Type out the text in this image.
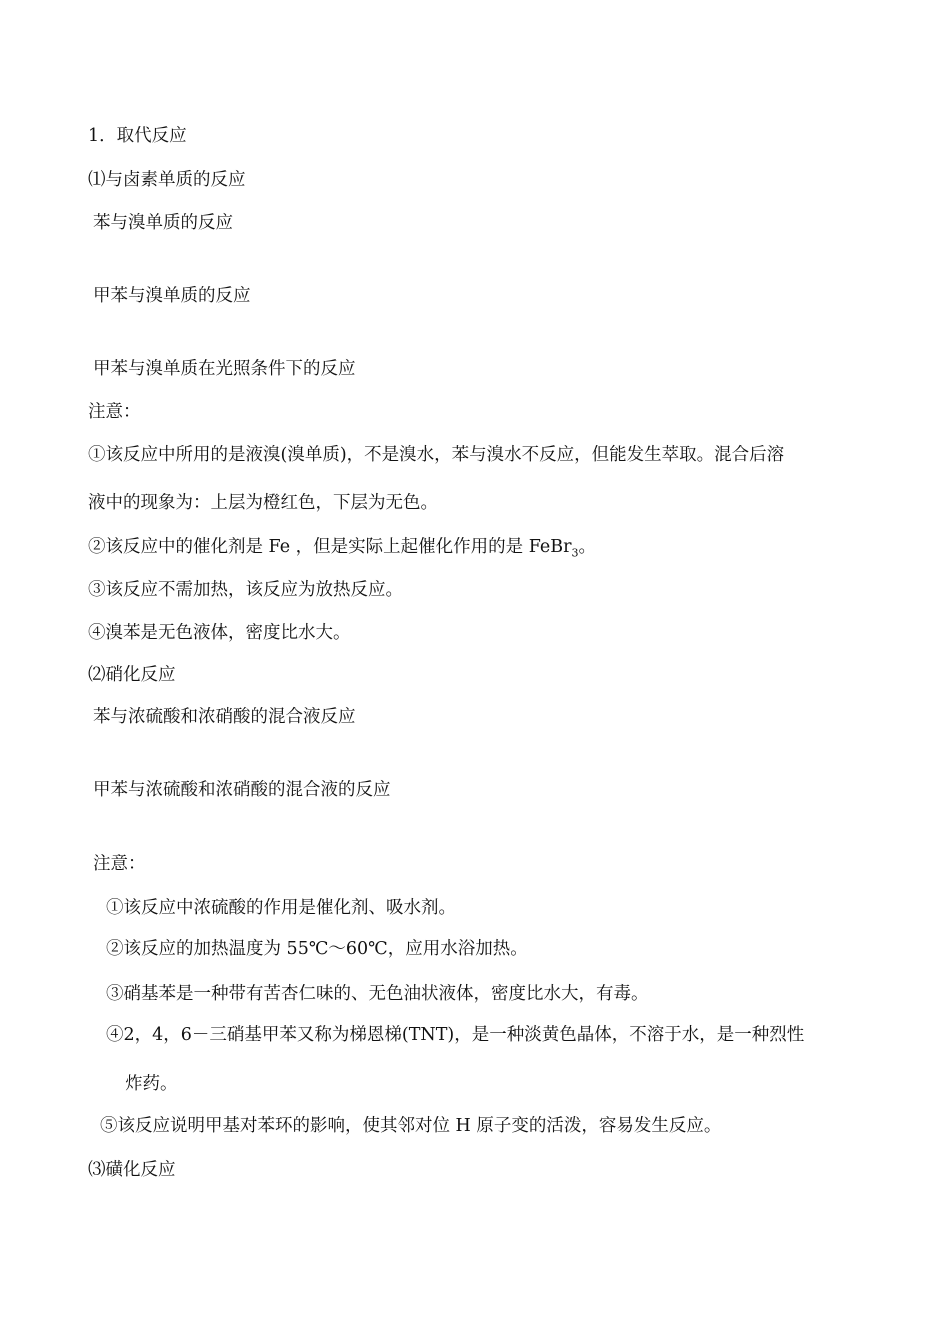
1．取代反应
⑴与卤素单质的反应
苯与溴单质的反应
甲苯与溴单质的反应
甲苯与溴单质在光照条件下的反应
注意：
①该反应中所用的是液溴(溴单质)，不是溴水，苯与溴水不反应，但能发生萃取。混合后溶
液中的现象为：上层为橙红色，下层为无色。
②该反应中的催化剂是 Fe ，但是实际上起催化作用的是 FeBr$_3$。
③该反应不需加热，该反应为放热反应。
④溴苯是无色液体，密度比水大。
⑵硝化反应
苯与浓硫酸和浓硝酸的混合液反应
甲苯与浓硫酸和浓硝酸的混合液的反应
注意：
①该反应中浓硫酸的作用是催化剂、吸水剂。
②该反应的加热温度为 55℃～60℃，应用水浴加热。
③硝基苯是一种带有苦杏仁味的、无色油状液体，密度比水大，有毒。
④2，4，6－三硝基甲苯又称为梯恩梯(TNT)，是一种淡黄色晶体，不溶于水，是一种烈性
炸药。
⑤该反应说明甲基对苯环的影响，使其邻对位 H 原子变的活泼，容易发生反应。
⑶磺化反应
